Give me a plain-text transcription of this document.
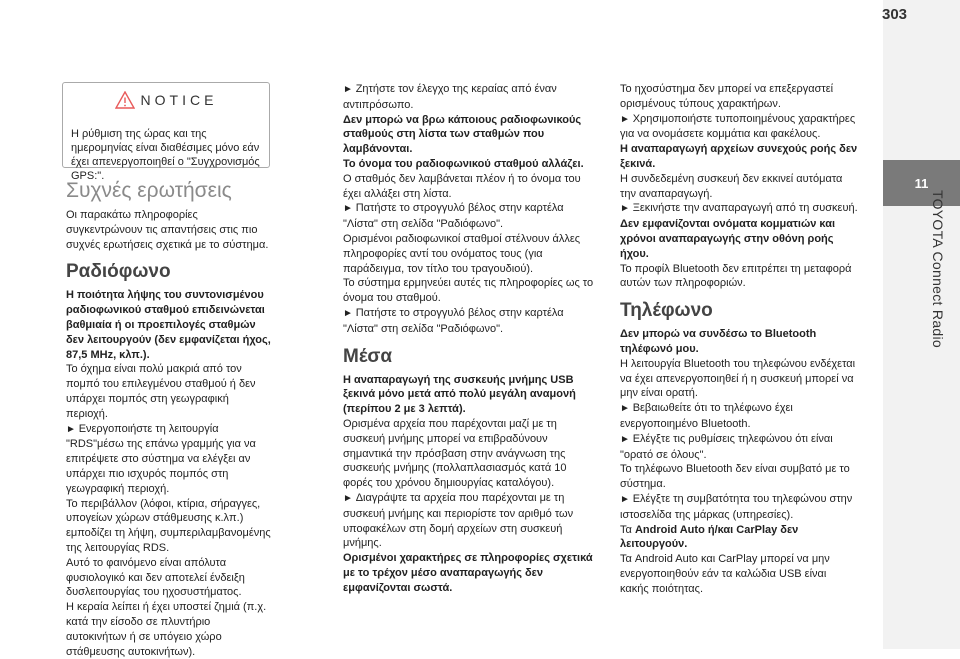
303
11
TOYOTA Connect Radio
NOTICE
Η ρύθμιση της ώρας και της ημερομηνίας είναι διαθέσιμες μόνο εάν έχει απενεργοποιηθεί ο "Συγχρονισμός GPS:".

Συχνές ερωτήσεις

Οι παρακάτω πληροφορίες συγκεντρώνουν τις απαντήσεις στις πιο συχνές ερωτήσεις σχετικά με το σύστημα.

Ραδιόφωνο

Η ποιότητα λήψης του συντονισμένου ραδιοφωνικού σταθμού επιδεινώνεται βαθμιαία ή οι προεπιλογές σταθμών δεν λειτουργούν (δεν εμφανίζεται ήχος, 87,5 MHz, κλπ.).

Το όχημα είναι πολύ μακριά από τον πομπό του επιλεγμένου σταθμού ή δεν υπάρχει πομπός στη γεωγραφική περιοχή.

► Ενεργοποιήστε τη λειτουργία "RDS"μέσω της επάνω γραμμής για να επιτρέψετε στο σύστημα να ελέγξει αν υπάρχει πιο ισχυρός πομπός στη γεωγραφική περιοχή.

Το περιβάλλον (λόφοι, κτίρια, σήραγγες, υπογείων χώρων στάθμευσης κ.λπ.) εμποδίζει τη λήψη, συμπεριλαμβανομένης της λειτουργίας RDS.

Αυτό το φαινόμενο είναι απόλυτα φυσιολογικό και δεν αποτελεί ένδειξη δυσλειτουργίας του ηχοσυστήματος.

Η κεραία λείπει ή έχει υποστεί ζημιά (π.χ. κατά την είσοδο σε πλυντήριο αυτοκινήτων ή σε υπόγειο χώρο στάθμευσης αυτοκινήτων).

► Ζητήστε τον έλεγχο της κεραίας από έναν αντιπρόσωπο.

Δεν μπορώ να βρω κάποιους ραδιοφωνικούς σταθμούς στη λίστα των σταθμών που λαμβάνονται.

Το όνομα του ραδιοφωνικού σταθμού αλλάζει.

Ο σταθμός δεν λαμβάνεται πλέον ή το όνομα του έχει αλλάξει στη λίστα.

► Πατήστε το στρογγυλό βέλος στην καρτέλα "Λίστα" στη σελίδα "Ραδιόφωνο".

Ορισμένοι ραδιοφωνικοί σταθμοί στέλνουν άλλες πληροφορίες αντί του ονόματος τους (για παράδειγμα, τον τίτλο του τραγουδιού).

Το σύστημα ερμηνεύει αυτές τις πληροφορίες ως το όνομα του σταθμού.

► Πατήστε το στρογγυλό βέλος στην καρτέλα "Λίστα" στη σελίδα "Ραδιόφωνο".

Μέσα

Η αναπαραγωγή της συσκευής μνήμης USB ξεκινά μόνο μετά από πολύ μεγάλη αναμονή (περίπου 2 με 3 λεπτά).

Ορισμένα αρχεία που παρέχονται μαζί με τη συσκευή μνήμης μπορεί να επιβραδύνουν σημαντικά την πρόσβαση στην ανάγνωση της συσκευής μνήμης (πολλαπλασιασμός κατά 10 φορές του χρόνου δημιουργίας καταλόγου).

► Διαγράψτε τα αρχεία που παρέχονται με τη συσκευή μνήμης και περιορίστε τον αριθμό των υποφακέλων στη δομή αρχείων στη συσκευή μνήμης.

Ορισμένοι χαρακτήρες σε πληροφορίες σχετικά με το τρέχον μέσο αναπαραγωγής δεν εμφανίζονται σωστά.

Το ηχοσύστημα δεν μπορεί να επεξεργαστεί ορισμένους τύπους χαρακτήρων.

► Χρησιμοποιήστε τυποποιημένους χαρακτήρες για να ονομάσετε κομμάτια και φακέλους.

Η αναπαραγωγή αρχείων συνεχούς ροής δεν ξεκινά.

Η συνδεδεμένη συσκευή δεν εκκινεί αυτόματα την αναπαραγωγή.

► Ξεκινήστε την αναπαραγωγή από τη συσκευή.

Δεν εμφανίζονται ονόματα κομματιών και χρόνοι αναπαραγωγής στην οθόνη ροής ήχου.

Το προφίλ Bluetooth δεν επιτρέπει τη μεταφορά αυτών των πληροφοριών.

Τηλέφωνο

Δεν μπορώ να συνδέσω το Bluetooth τηλέφωνό μου.

Η λειτουργία Bluetooth του τηλεφώνου ενδέχεται να έχει απενεργοποιηθεί ή η συσκευή μπορεί να μην είναι ορατή.

► Βεβαιωθείτε ότι το τηλέφωνο έχει ενεργοποιημένο Bluetooth.

► Ελέγξτε τις ρυθμίσεις τηλεφώνου ότι είναι "ορατό σε όλους".

Το τηλέφωνο Bluetooth δεν είναι συμβατό με το σύστημα.

► Ελέγξτε τη συμβατότητα του τηλεφώνου στην ιστοσελίδα της μάρκας (υπηρεσίες).

Τα Android Auto ή/και CarPlay δεν λειτουργούν.

Τα Android Auto και CarPlay μπορεί να μην ενεργοποιηθούν εάν τα καλώδια USB είναι κακής ποιότητας.
